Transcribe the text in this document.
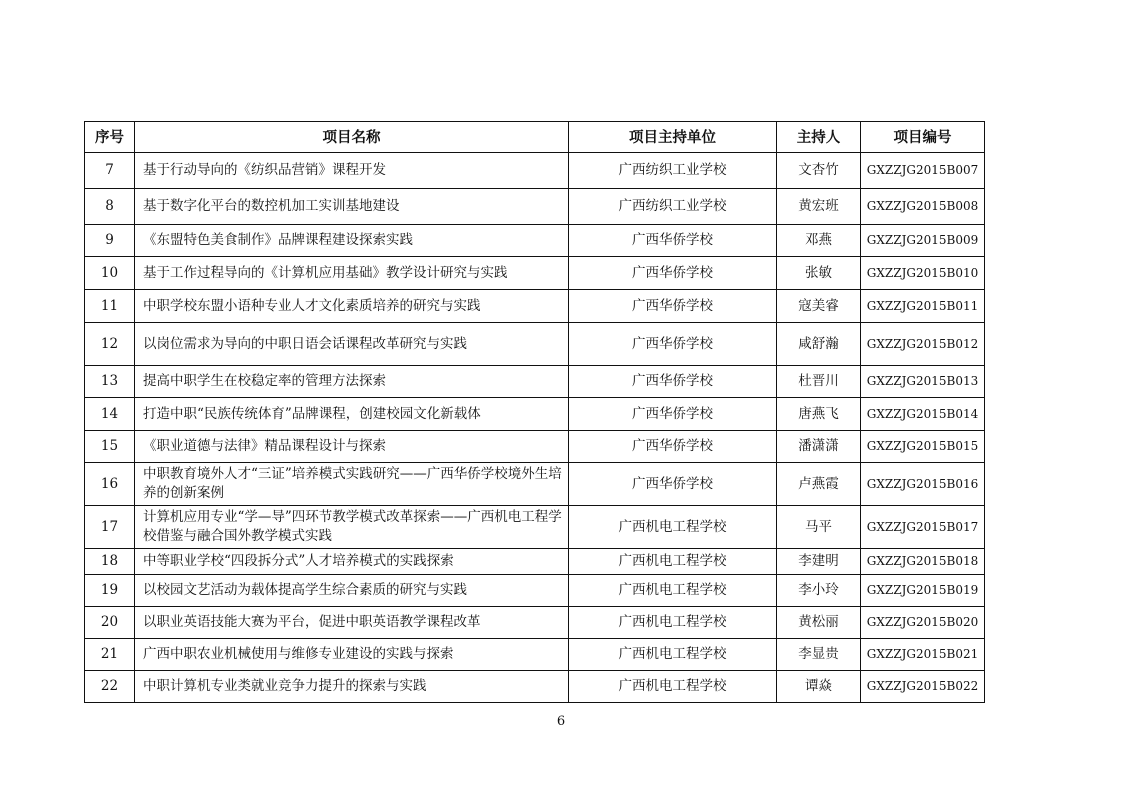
序号	项目名称	项目主持单位	主持人	项目编号
7	基于行动导向的《纺织品营销》课程开发	广西纺织工业学校	文杏竹	GXZZJG2015B007
8	基于数字化平台的数控机加工实训基地建设	广西纺织工业学校	黄宏班	GXZZJG2015B008
9	《东盟特色美食制作》品牌课程建设探索实践	广西华侨学校	邓燕	GXZZJG2015B009
10	基于工作过程导向的《计算机应用基础》教学设计研究与实践	广西华侨学校	张敏	GXZZJG2015B010
11	中职学校东盟小语种专业人才文化素质培养的研究与实践	广西华侨学校	寇美睿	GXZZJG2015B011
12	以岗位需求为导向的中职日语会话课程改革研究与实践	广西华侨学校	咸舒瀚	GXZZJG2015B012
13	提高中职学生在校稳定率的管理方法探索	广西华侨学校	杜晋川	GXZZJG2015B013
14	打造中职“民族传统体育”品牌课程，创建校园文化新载体	广西华侨学校	唐燕飞	GXZZJG2015B014
15	《职业道德与法律》精品课程设计与探索	广西华侨学校	潘潇潇	GXZZJG2015B015
16	中职教育境外人才“三证”培养模式实践研究——广西华侨学校境外生培养的创新案例	广西华侨学校	卢燕霞	GXZZJG2015B016
17	计算机应用专业“学—导”四环节教学模式改革探索——广西机电工程学校借鉴与融合国外教学模式实践	广西机电工程学校	马平	GXZZJG2015B017
18	中等职业学校“四段拆分式”人才培养模式的实践探索	广西机电工程学校	李建明	GXZZJG2015B018
19	以校园文艺活动为载体提高学生综合素质的研究与实践	广西机电工程学校	李小玲	GXZZJG2015B019
20	以职业英语技能大赛为平台，促进中职英语教学课程改革	广西机电工程学校	黄松丽	GXZZJG2015B020
21	广西中职农业机械使用与维修专业建设的实践与探索	广西机电工程学校	李显贵	GXZZJG2015B021
22	中职计算机专业类就业竞争力提升的探索与实践	广西机电工程学校	谭焱	GXZZJG2015B022
6
